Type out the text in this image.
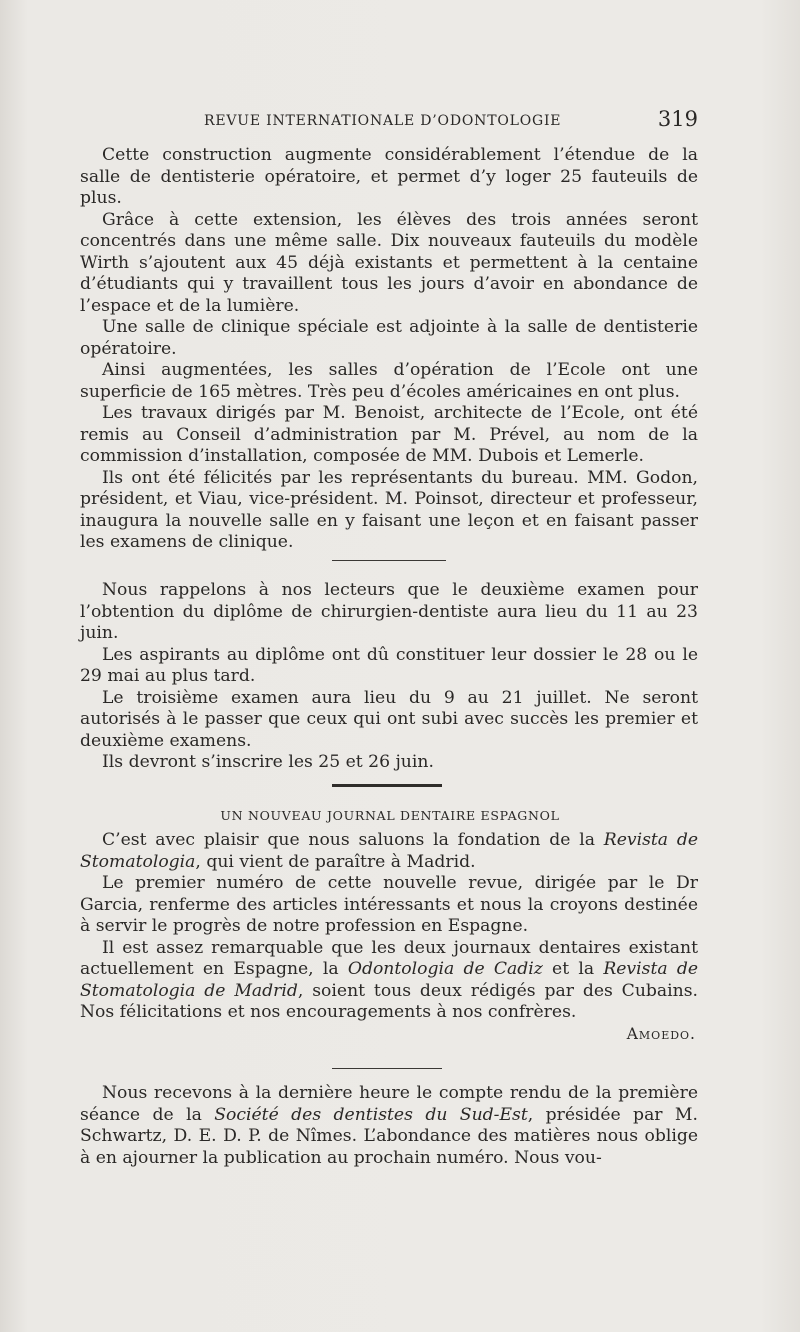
REVUE INTERNATIONALE D’ODONTOLOGIE	319

Cette construction augmente considérablement l’étendue de la salle de dentisterie opératoire, et permet d’y loger 25 fauteuils de plus.

Grâce à cette extension, les élèves des trois années seront concentrés dans une même salle. Dix nouveaux fauteuils du modèle Wirth s’ajoutent aux 45 déjà existants et permettent à la centaine d’étudiants qui y travaillent tous les jours d’avoir en abondance de l’espace et de la lumière.

Une salle de clinique spéciale est adjointe à la salle de dentisterie opératoire.

Ainsi augmentées, les salles d’opération de l’Ecole ont une superficie de 165 mètres. Très peu d’écoles américaines en ont plus.

Les travaux dirigés par M. Benoist, architecte de l’Ecole, ont été remis au Conseil d’administration par M. Prével, au nom de la commission d’installation, composée de MM. Dubois et Lemerle.

Ils ont été félicités par les représentants du bureau. MM. Godon, président, et Viau, vice-président. M. Poinsot, directeur et professeur, inaugura la nouvelle salle en y faisant une leçon et en faisant passer les examens de clinique.

Nous rappelons à nos lecteurs que le deuxième examen pour l’obtention du diplôme de chirurgien-dentiste aura lieu du 11 au 23 juin.

Les aspirants au diplôme ont dû constituer leur dossier le 28 ou le 29 mai au plus tard.

Le troisième examen aura lieu du 9 au 21 juillet. Ne seront autorisés à le passer que ceux qui ont subi avec succès les premier et deuxième examens.

Ils devront s’inscrire les 25 et 26 juin.

UN NOUVEAU JOURNAL DENTAIRE ESPAGNOL

C’est avec plaisir que nous saluons la fondation de la Revista de Stomatologia, qui vient de paraître à Madrid.

Le premier numéro de cette nouvelle revue, dirigée par le Dr Garcia, renferme des articles intéressants et nous la croyons destinée à servir le progrès de notre profession en Espagne.

Il est assez remarquable que les deux journaux dentaires existant actuellement en Espagne, la Odontologia de Cadiz et la Revista de Stomatologia de Madrid, soient tous deux rédigés par des Cubains. Nos félicitations et nos encouragements à nos confrères.

Amoedo.

Nous recevons à la dernière heure le compte rendu de la première séance de la Société des dentistes du Sud-Est, présidée par M. Schwartz, D. E. D. P. de Nîmes. L’abondance des matières nous oblige à en ajourner la publication au prochain numéro. Nous vou-
